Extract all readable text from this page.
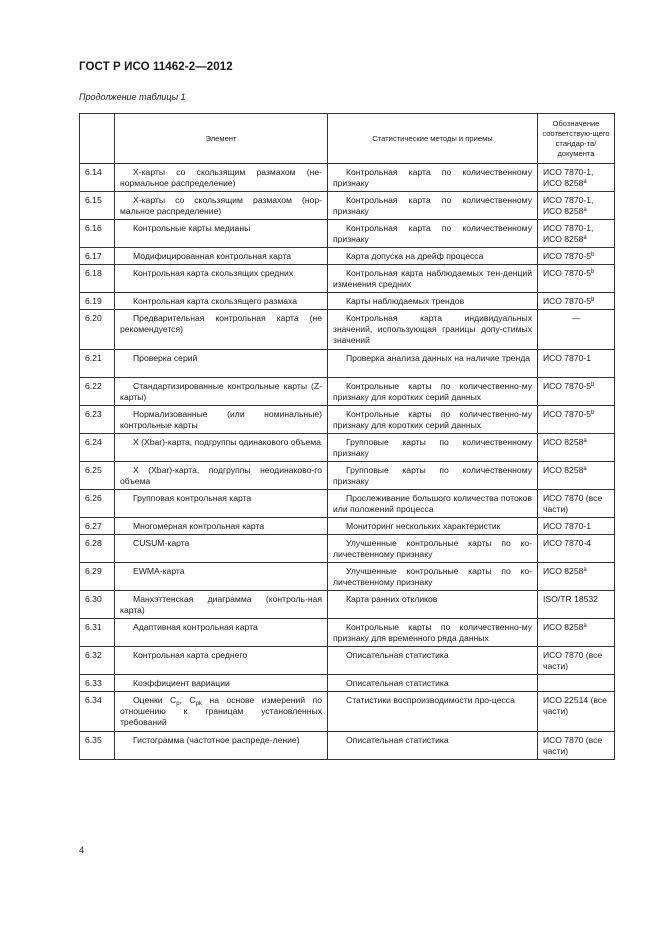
ГОСТ Р ИСО 11462-2—2012
Продолжение таблицы 1
	Элемент	Статистические методы и приемы	Обозначение соответствую-щего стандар-та/документа
6.14	X-карты со скользящим размахом (не-нормальное распределение)	Контрольная карта по количественному признаку	ИСО 7870-1, ИСО 8258$^a$
6.15	X-карты со скользящим размахом (нор-мальное распределение)	Контрольная карта по количественному признаку	ИСО 7870-1, ИСО 8258$^a$
6.16	Контрольные карты медианы	Контрольная карта по количественному признаку	ИСО 7870-1, ИСО 8258$^a$
6.17	Модифицированная контрольная карта	Карта допуска на дрейф процесса	ИСО 7870-5$^b$
6.18	Контрольная карта скользящих средних	Контрольная карта наблюдаемых тен-денций изменения средних	ИСО 7870-5$^b$
6.19	Контрольная карта скользящего размаха	Карты наблюдаемых трендов	ИСО 7870-5$^b$
6.20	Предварительная контрольная карта (не рекомендуется)	Контрольная карта индивидуальных значений, использующая границы допу-стимых значений	—
6.21	Проверка серий	Проверка анализа данных на наличие тренда	ИСО 7870-1
6.22	Стандартизированные контрольные карты (Z-карты)	Контрольные карты по количественно-му признаку для коротких серий данных	ИСО 7870-5$^b$
6.23	Нормализованные (или номинальные) контрольные карты	Контрольные карты по количественно-му признаку для коротких серий данных	ИСО 7870-5$^b$
6.24	X (Xbar)-карта, подгруппы одинакового объема	Групповые карты по количественному признаку	ИСО 8258$^a$
6.25	X (Xbar)-карта, подгруппы неодинаково-го объема	Групповые карты по количественному признаку	ИСО 8258$^a$
6.26	Групповая контрольная карта	Прослеживание большого количества потоков или положений процесса	ИСО 7870 (все части)
6.27	Многомерная контрольная карта	Мониторинг нескольких характеристик	ИСО 7870-1
6.28	CUSUM-карта	Улучшенные контрольные карты по ко-личественному признаку	ИСО 7870-4
6.29	EWMA-карта	Улучшенные контрольные карты по ко-личественному признаку	ИСО 8258$^a$
6.30	Манхэттенская диаграмма (контроль-ная карта)	Карта ранних откликов	ISO/TR 18532
6.31	Адаптивная контрольная карта	Контрольные карты по количественно-му признаку для временного ряда данных	ИСО 8258$^a$
6.32	Контрольная карта среднего	Описательная статистика	ИСО 7870 (все части)
6.33	Коэффициент вариации	Описательная статистика	
6.34	Оценки $C_p$, $C_{pk}$ на основе измерений по отношению к границам установленных требований	Статистики воспроизводимости про-цесса	ИСО 22514 (все части)
6.35	Гистограмма (частотное распреде-ление)	Описательная статистика	ИСО 7870 (все части)
4
